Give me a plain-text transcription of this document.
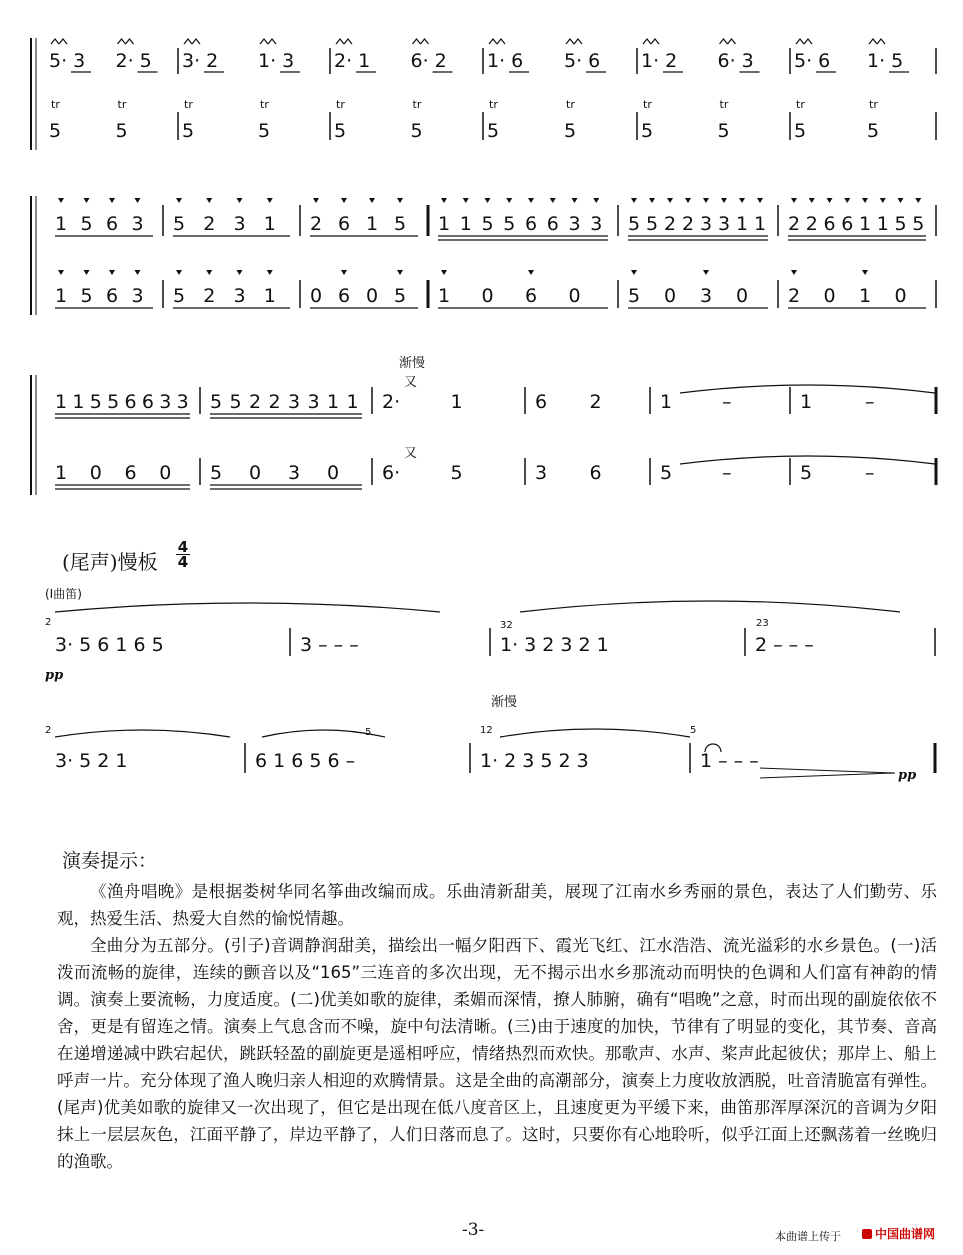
5· 3 2· 5 3· 2 1· 3 2· 1 6· 2 1· 6 5· 6 1· 2 6· 3 5· 6 1· 5
tr
5
tr
5
tr
5
tr
5
tr
5
tr
5
tr
5
tr
5
tr
5
tr
5
tr
5
tr
5
1 5 6 3 5 2 3 1 2 6 1 5 1 1 5 5 6 6 3 3 5 5 2 2 3 3 1 1 2 2 6 6 1 1 5 5
1 5 6 3 5 2 3 1 0 6 0 5 1 0 6 0 5 0 3 0 2 0 1 0
1 1 5 5 6 6 3 3 5 5 2 2 3 3 1 1 2·	1	6 2	1	–	1	–
1 0 6 0 5 0 3 0 6·	5	3 6	5	–	5	–
又
又
3· 5 6 1 6 5	3 – – –	1· 3 2 3 2 1	2 – – –
2	32	23
3· 5 2 1	6 1 6 5 6 –	1· 2 3 5 2 3	1 – – –
2	5	12	5
(尾声)慢板
4
4
(I曲笛)
pp
pp
渐慢
渐慢
演奏提示：

《渔舟唱晚》是根据娄树华同名筝曲改编而成。乐曲清新甜美，展现了江南水乡秀丽的景色，表达了人们勤劳、乐观，热爱生活、热爱大自然的愉悦情趣。

全曲分为五部分。(引子)音调静润甜美，描绘出一幅夕阳西下、霞光飞红、江水浩浩、流光溢彩的水乡景色。(一)活泼而流畅的旋律，连续的颤音以及“165”三连音的多次出现，无不揭示出水乡那流动而明快的色调和人们富有神韵的情调。演奏上要流畅，力度适度。(二)优美如歌的旋律，柔媚而深情，撩人肺腑，确有“唱晚”之意，时而出现的副旋依依不舍，更是有留连之情。演奏上气息含而不噪，旋中句法清晰。(三)由于速度的加快，节律有了明显的变化，其节奏、音高在递增递减中跌宕起伏，跳跃轻盈的副旋更是遥相呼应，情绪热烈而欢快。那歌声、水声、桨声此起彼伏；那岸上、船上呼声一片。充分体现了渔人晚归亲人相迎的欢腾情景。这是全曲的高潮部分，演奏上力度收放洒脱，吐音清脆富有弹性。(尾声)优美如歌的旋律又一次出现了，但它是出现在低八度音区上，且速度更为平缓下来，曲笛那浑厚深沉的音调为夕阳抹上一层层灰色，江面平静了，岸边平静了，人们日落而息了。这时，只要你有心地聆听，似乎江面上还飘荡着一丝晚归的渔歌。

-3-	本曲谱上传于	中国曲谱网
